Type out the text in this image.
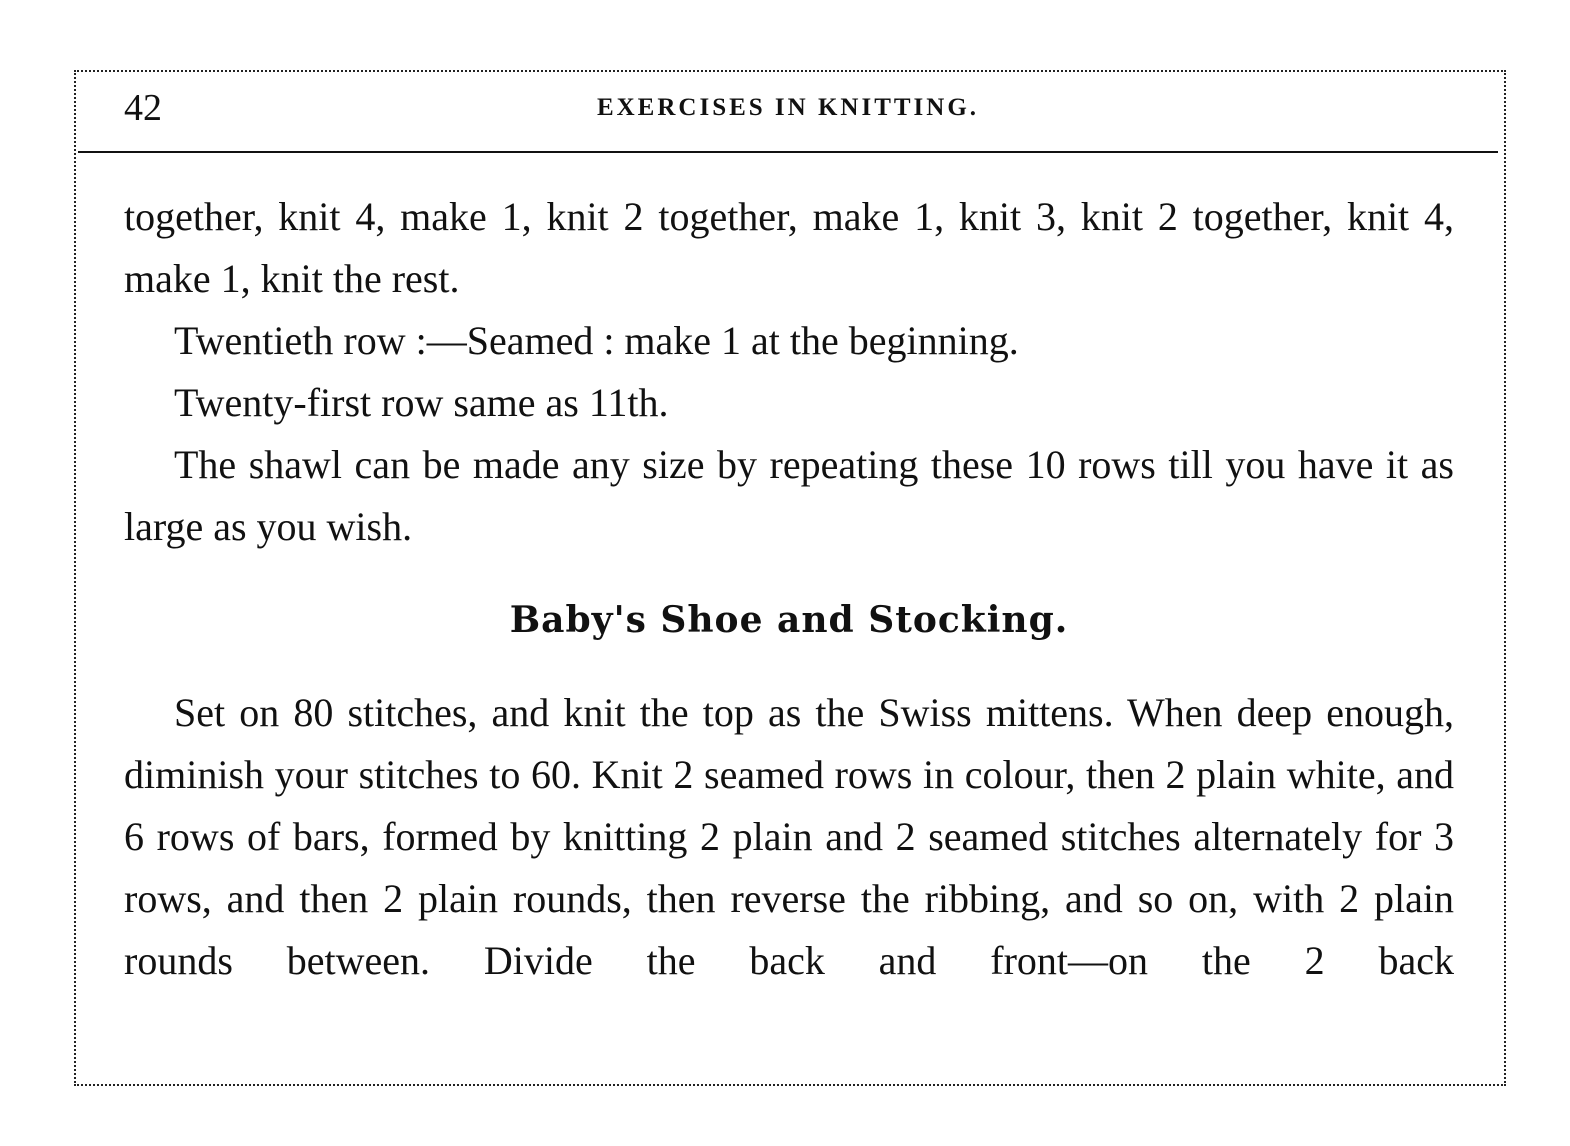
42	EXERCISES IN KNITTING.

together, knit 4, make 1, knit 2 together, make 1, knit 3, knit 2 together, knit 4, make 1, knit the rest.

Twentieth row :—Seamed : make 1 at the beginning.

Twenty-first row same as 11th.

The shawl can be made any size by repeating these 10 rows till you have it as large as you wish.

Baby's Shoe and Stocking.

Set on 80 stitches, and knit the top as the Swiss mittens. When deep enough, diminish your stitches to 60. Knit 2 seamed rows in colour, then 2 plain white, and 6 rows of bars, formed by knitting 2 plain and 2 seamed stitches alternately for 3 rows, and then 2 plain rounds, then reverse the ribbing, and so on, with 2 plain rounds between. Divide the back and front—on the 2 back
